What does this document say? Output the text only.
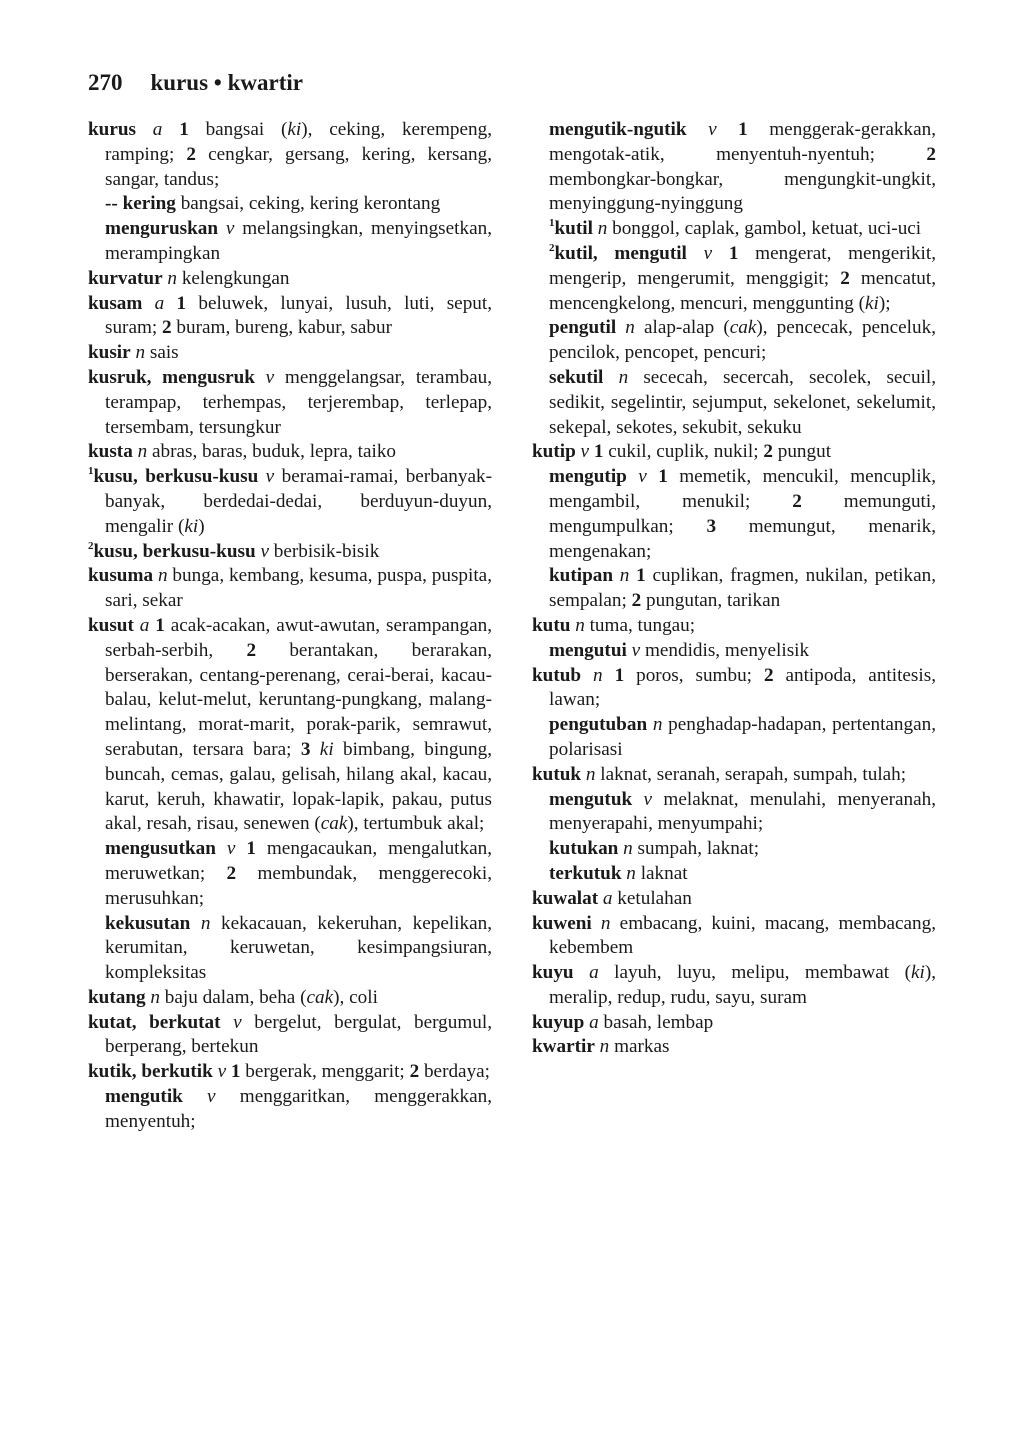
270 kurus • kwartir

kurus a 1 bangsai (ki), ceking, kerempeng, ramping; 2 cengkar, gersang, kering, kersang, sangar, tandus;

-- kering bangsai, ceking, kering kerontang

menguruskan v melangsingkan, menyingsetkan, merampingkan

kurvatur n kelengkungan

kusam a 1 beluwek, lunyai, lusuh, luti, seput, suram; 2 buram, bureng, kabur, sabur

kusir n sais

kusruk, mengusruk v menggelangsar, terambau, terampap, terhempas, terjerembap, terlepap, tersembam, tersungkur

kusta n abras, baras, buduk, lepra, taiko

$^1$kusu, berkusu-kusu v beramai-ramai, berbanyak-banyak, berdedai-dedai, berduyun-duyun, mengalir (ki)

$^2$kusu, berkusu-kusu v berbisik-bisik

kusuma n bunga, kembang, kesuma, puspa, puspita, sari, sekar

kusut a 1 acak-acakan, awut-awutan, serampangan, serbah-serbih, 2 berantakan, berarakan, berserakan, centang-perenang, cerai-berai, kacau-balau, kelut-melut, keruntang-pungkang, malang-melintang, morat-marit, porak-parik, semrawut, serabutan, tersara bara; 3 ki bimbang, bingung, buncah, cemas, galau, gelisah, hilang akal, kacau, karut, keruh, khawatir, lopak-lapik, pakau, putus akal, resah, risau, senewen (cak), tertumbuk akal;

mengusutkan v 1 mengacaukan, mengalutkan, meruwetkan; 2 membundak, menggerecoki, merusuhkan;

kekusutan n kekacauan, kekeruhan, kepelikan, kerumitan, keruwetan, kesimpangsiuran, kompleksitas

kutang n baju dalam, beha (cak), coli

kutat, berkutat v bergelut, bergulat, bergumul, berperang, bertekun

kutik, berkutik v 1 bergerak, menggarit; 2 berdaya;

mengutik v menggaritkan, menggerakkan, menyentuh;

mengutik-ngutik v 1 menggerak-gerakkan, mengotak-atik, menyentuh-nyentuh; 2 membongkar-bongkar, mengungkit-ungkit, menyinggung-nyinggung

$^1$kutil n bonggol, caplak, gambol, ketuat, uci-uci

$^2$kutil, mengutil v 1 mengerat, mengerikit, mengerip, mengerumit, menggigit; 2 mencatut, mencengkelong, mencuri, menggunting (ki);

pengutil n alap-alap (cak), pencecak, penceluk, pencilok, pencopet, pencuri;

sekutil n sececah, secercah, secolek, secuil, sedikit, segelintir, sejumput, sekelonet, sekelumit, sekepal, sekotes, sekubit, sekuku

kutip v 1 cukil, cuplik, nukil; 2 pungut

mengutip v 1 memetik, mencukil, mencuplik, mengambil, menukil; 2 memunguti, mengumpulkan; 3 memungut, menarik, mengenakan;

kutipan n 1 cuplikan, fragmen, nukilan, petikan, sempalan; 2 pungutan, tarikan

kutu n tuma, tungau;

mengutui v mendidis, menyelisik

kutub n 1 poros, sumbu; 2 antipoda, antitesis, lawan;

pengutuban n penghadap-hadapan, pertentangan, polarisasi

kutuk n laknat, seranah, serapah, sumpah, tulah;

mengutuk v melaknat, menulahi, menyeranah, menyerapahi, menyumpahi;

kutukan n sumpah, laknat;

terkutuk n laknat

kuwalat a ketulahan

kuweni n embacang, kuini, macang, membacang, kebembem

kuyu a layuh, luyu, melipu, membawat (ki), meralip, redup, rudu, sayu, suram

kuyup a basah, lembap

kwartir n markas
